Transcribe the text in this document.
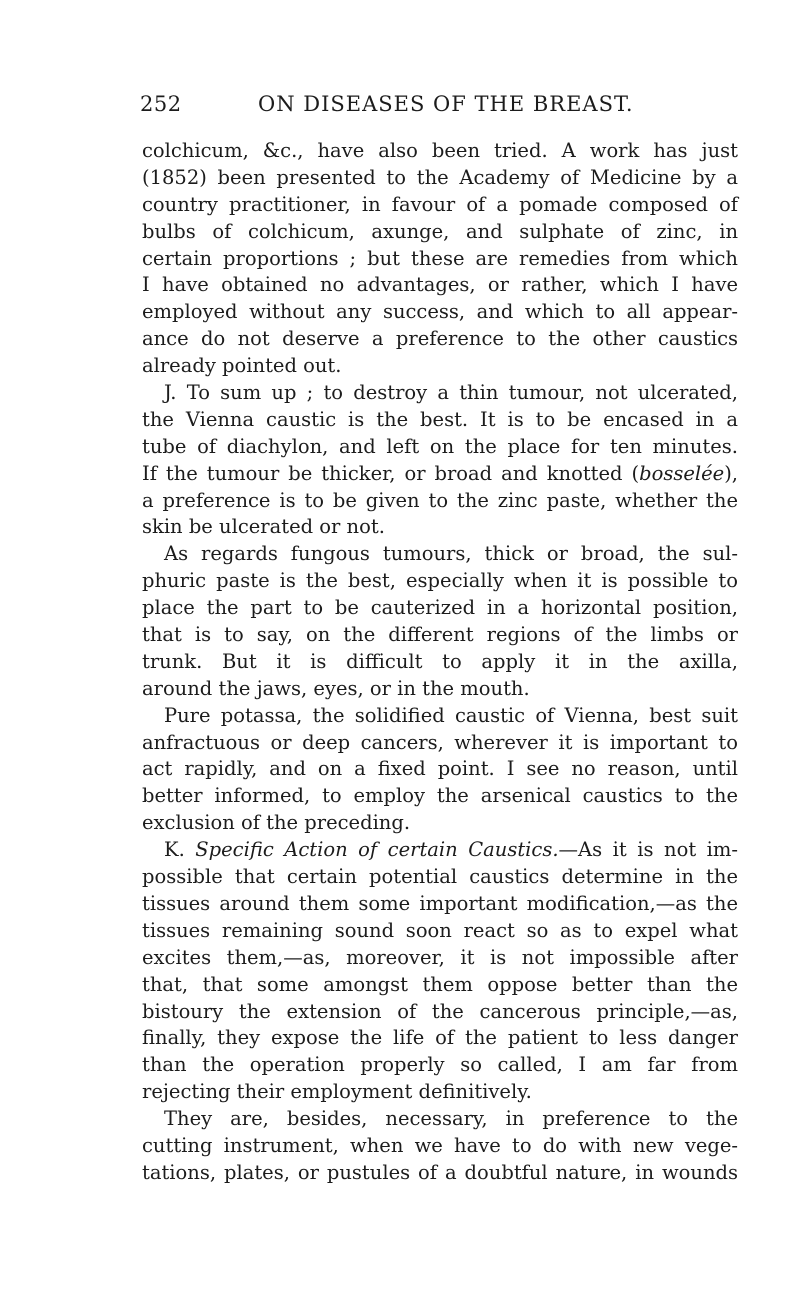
252	ON DISEASES OF THE BREAST.
colchicum, &c., have also been tried. A work has just
(1852) been presented to the Academy of Medicine by a
country practitioner, in favour of a pomade composed of
bulbs of colchicum, axunge, and sulphate of zinc, in
certain proportions ; but these are remedies from which
I have obtained no advantages, or rather, which I have
employed without any success, and which to all appear-
ance do not deserve a preference to the other caustics
already pointed out.
J. To sum up ; to destroy a thin tumour, not ulcerated,
the Vienna caustic is the best. It is to be encased in a
tube of diachylon, and left on the place for ten minutes.
If the tumour be thicker, or broad and knotted (bosselée),
a preference is to be given to the zinc paste, whether the
skin be ulcerated or not.
As regards fungous tumours, thick or broad, the sul-
phuric paste is the best, especially when it is possible to
place the part to be cauterized in a horizontal position,
that is to say, on the different regions of the limbs or
trunk. But it is difficult to apply it in the axilla,
around the jaws, eyes, or in the mouth.
Pure potassa, the solidified caustic of Vienna, best suit
anfractuous or deep cancers, wherever it is important to
act rapidly, and on a fixed point. I see no reason, until
better informed, to employ the arsenical caustics to the
exclusion of the preceding.
K. Specific Action of certain Caustics.—As it is not im-
possible that certain potential caustics determine in the
tissues around them some important modification,—as the
tissues remaining sound soon react so as to expel what
excites them,—as, moreover, it is not impossible after
that, that some amongst them oppose better than the
bistoury the extension of the cancerous principle,—as,
finally, they expose the life of the patient to less danger
than the operation properly so called, I am far from
rejecting their employment definitively.
They are, besides, necessary, in preference to the
cutting instrument, when we have to do with new vege-
tations, plates, or pustules of a doubtful nature, in wounds
